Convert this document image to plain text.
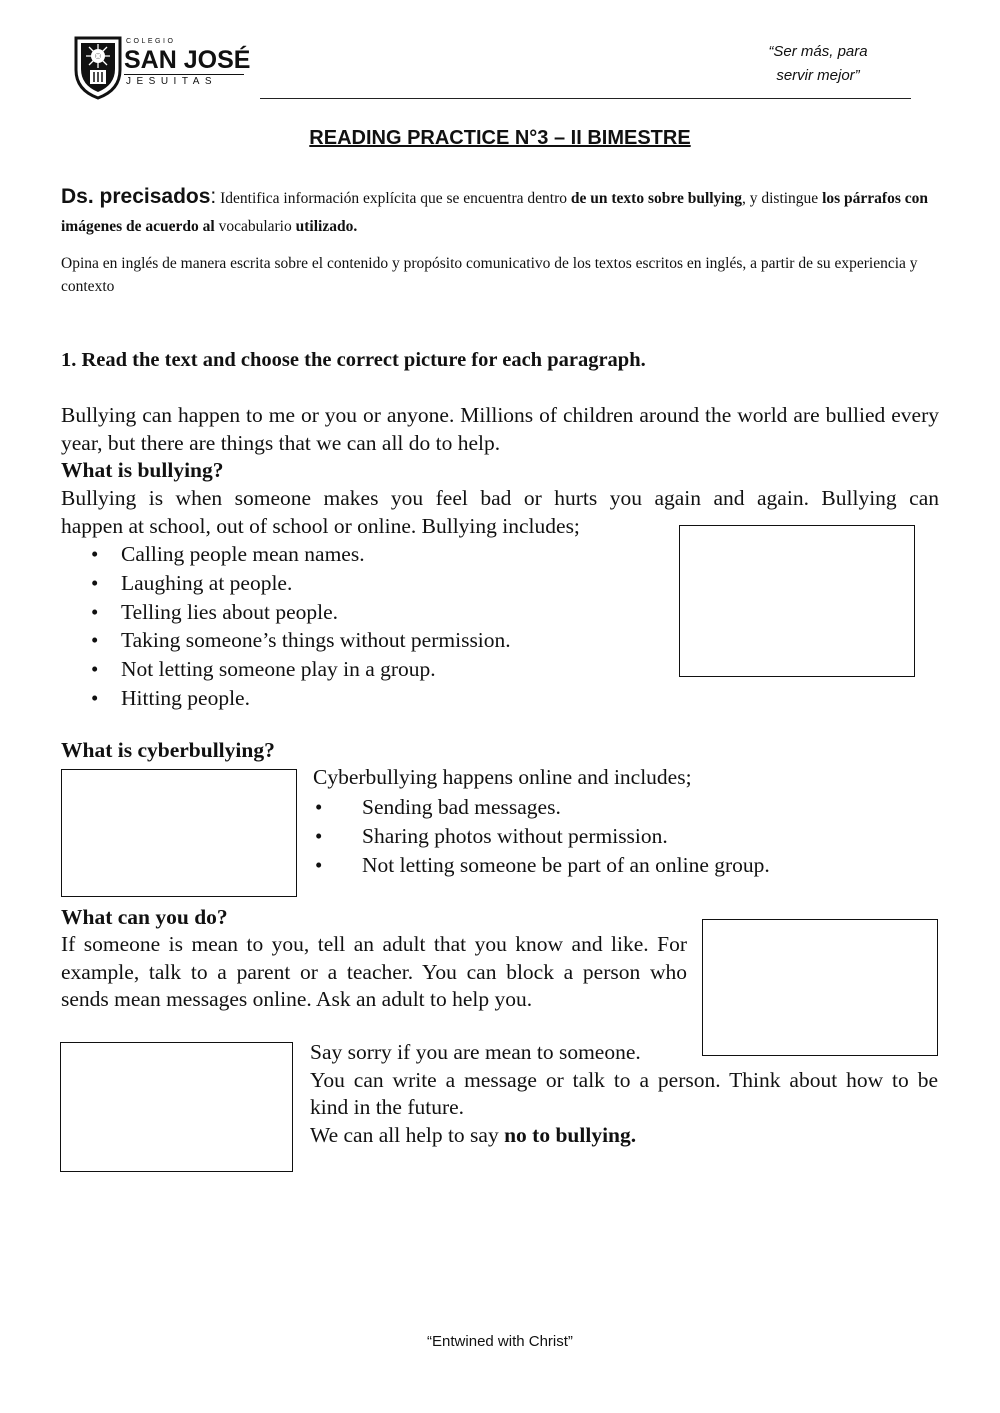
COLEGIO
SAN JOSÉ
JESUITAS
“Ser más, para
servir mejor”
READING PRACTICE N°3 – II BIMESTRE
Ds. precisados: Identifica información explícita que se encuentra dentro de un texto sobre bullying, y distingue los párrafos con imágenes de acuerdo al vocabulario utilizado.
Opina en inglés de manera escrita sobre el contenido y propósito comunicativo de los textos escritos en inglés, a partir de su experiencia y contexto
1. Read the text and choose the correct picture for each paragraph.
Bullying can happen to me or you or anyone. Millions of children around the world are bullied every year, but there are things that we can all do to help.
What is bullying?
Bullying is when someone makes you feel bad or hurts you again and again. Bullying can
happen at school, out of school or online. Bullying includes;
• Calling people mean names.
• Laughing at people.
• Telling lies about people.
• Taking someone’s things without permission.
• Not letting someone play in a group.
• Hitting people.
What is cyberbullying?
Cyberbullying happens online and includes;
• Sending bad messages.
• Sharing photos without permission.
• Not letting someone be part of an online group.
What can you do?
If someone is mean to you, tell an adult that you know and like. For
example, talk to a parent or a teacher. You can block a person who
sends mean messages online. Ask an adult to help you.
Say sorry if you are mean to someone.
You can write a message or talk to a person. Think about how to be
kind in the future.
We can all help to say no to bullying.
“Entwined with Christ”
